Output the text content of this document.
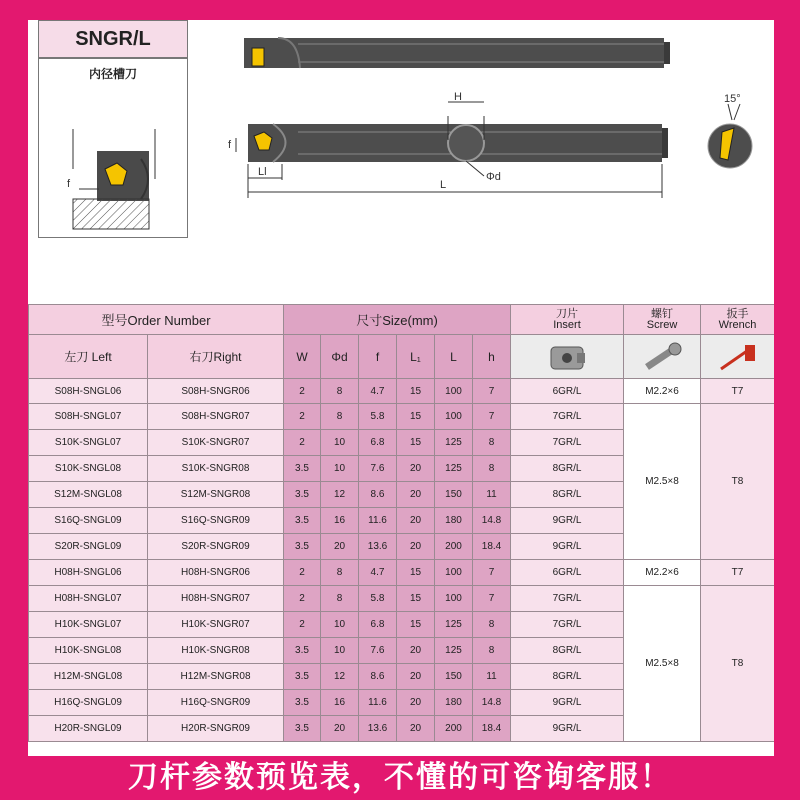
SNGR/L
内径槽刀
f
H
Φd
Ll
L
f
15°
型号Order Number		尺寸Size(mm)						刀片
Insert	螺钉
Screw	扳手
Wrench
左刀 Left	右刀Right	W	Φd	f	L₁	L	h	

S08H-SNGL06	S08H-SNGR06	2	8	4.7	15	100	7	6GR/L	M2.2×6	T7
S08H-SNGL07	S08H-SNGR07	2	8	5.8	15	100	7	7GR/L	M2.5×8	T8
S10K-SNGL07	S10K-SNGR07	2	10	6.8	15	125	8	7GR/L		
S10K-SNGL08	S10K-SNGR08	3.5	10	7.6	20	125	8	8GR/L		
S12M-SNGL08	S12M-SNGR08	3.5	12	8.6	20	150	11	8GR/L		
S16Q-SNGL09	S16Q-SNGR09	3.5	16	11.6	20	180	14.8	9GR/L		
S20R-SNGL09	S20R-SNGR09	3.5	20	13.6	20	200	18.4	9GR/L		
H08H-SNGL06	H08H-SNGR06	2	8	4.7	15	100	7	6GR/L	M2.2×6	T7
H08H-SNGL07	H08H-SNGR07	2	8	5.8	15	100	7	7GR/L	M2.5×8	T8
H10K-SNGL07	H10K-SNGR07	2	10	6.8	15	125	8	7GR/L		
H10K-SNGL08	H10K-SNGR08	3.5	10	7.6	20	125	8	8GR/L		
H12M-SNGL08	H12M-SNGR08	3.5	12	8.6	20	150	11	8GR/L		
H16Q-SNGL09	H16Q-SNGR09	3.5	16	11.6	20	180	14.8	9GR/L		
H20R-SNGL09	H20R-SNGR09	3.5	20	13.6	20	200	18.4	9GR/L		
刀杆参数预览表，不懂的可咨询客服！
